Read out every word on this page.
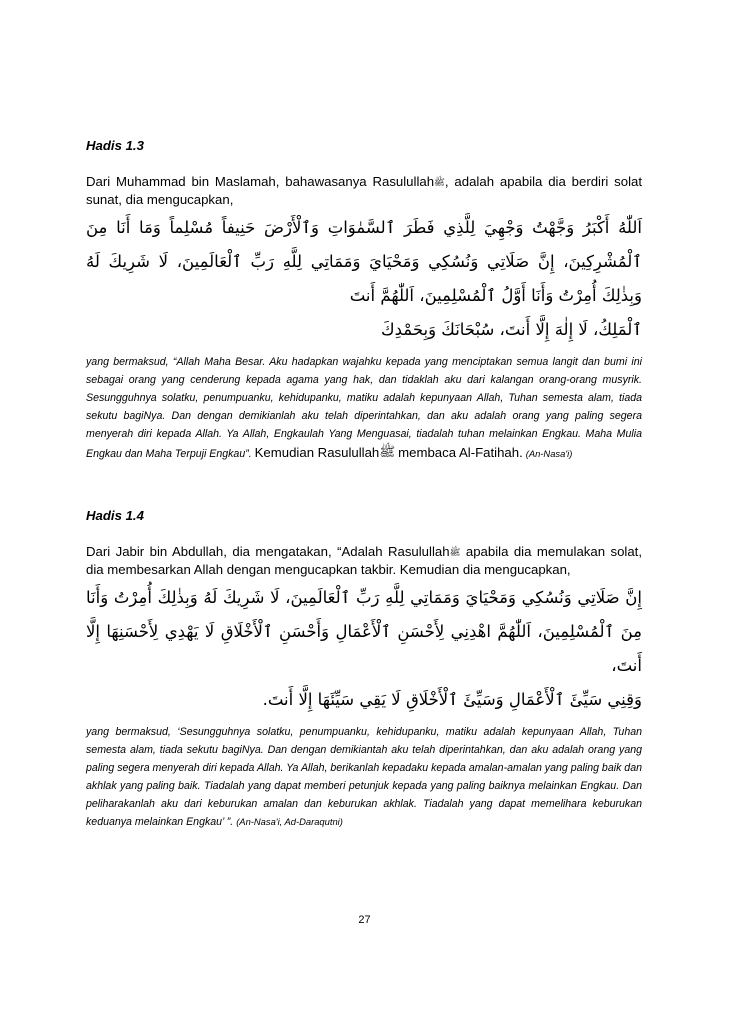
Hadis 1.3

Dari Muhammad bin Maslamah, bahawasanya Rasulullahﷺ, adalah apabila dia berdiri solat sunat, dia mengucapkan,

اَللّٰهُ أَكْبَرُ وَجَّهْتُ وَجْهِيَ لِلَّذِي فَطَرَ ٱلسَّمٰوَاتِ وَٱلْأَرْضَ حَنِيفاً مُسْلِماً وَمَا أَنَا مِنَ ٱلْمُشْرِكِينَ، إِنَّ صَلَاتِي وَنُسُكِي وَمَحْيَايَ وَمَمَاتِي لِلَّهِ رَبِّ ٱلْعَالَمِينَ، لَا شَرِيكَ لَهُ وَبِذٰلِكَ أُمِرْتُ وَأَنَا أَوَّلُ ٱلْمُسْلِمِينَ، اَللّٰهُمَّ أَنتَ
ٱلْمَلِكُ، لَا إِلٰهَ إِلَّا أَنتَ، سُبْحَانَكَ وَبِحَمْدِكَ

yang bermaksud, “Allah Maha Besar. Aku hadapkan wajahku kepada yang menciptakan semua langit dan bumi ini sebagai orang yang cenderung kepada agama yang hak, dan tidaklah aku dari kalangan orang-orang musyrik. Sesungguhnya solatku, penumpuanku, kehidupanku, matiku adalah kepunyaan Allah, Tuhan semesta alam, tiada sekutu bagiNya. Dan dengan demikianlah aku telah diperintahkan, dan aku adalah orang yang paling segera menyerah diri kepada Allah. Ya Allah, Engkaulah Yang Menguasai, tiadalah tuhan melainkan Engkau. Maha Mulia Engkau dan Maha Terpuji Engkau”. Kemudian Rasulullahﷺ membaca Al-Fatihah. (An-Nasa'i)

Hadis 1.4

Dari Jabir bin Abdullah, dia mengatakan, “Adalah Rasulullahﷺ apabila dia memulakan solat, dia membesarkan Allah dengan mengucapkan takbir. Kemudian dia mengucapkan,

إِنَّ صَلَاتِي وَنُسُكِي وَمَحْيَايَ وَمَمَاتِي لِلَّهِ رَبِّ ٱلْعَالَمِينَ، لَا شَرِيكَ لَهُ وَبِذٰلِكَ أُمِرْتُ وَأَنَا مِنَ ٱلْمُسْلِمِينَ، اَللّٰهُمَّ اهْدِنِي لِأَحْسَنِ ٱلْأَعْمَالِ وَأَحْسَنِ ٱلْأَخْلَاقِ لَا يَهْدِي لِأَحْسَنِهَا إِلَّا أَنتَ،
وَقِنِي سَيِّئَ ٱلْأَعْمَالِ وَسَيِّئَ ٱلْأَخْلَاقِ لَا يَقِي سَيِّئَهَا إِلَّا أَنتَ.

yang bermaksud, ‘Sesungguhnya solatku, penumpuanku, kehidupanku, matiku adalah kepunyaan Allah, Tuhan semesta alam, tiada sekutu bagiNya. Dan dengan demikiantah aku telah diperintahkan, dan aku adalah orang yang paling segera menyerah diri kepada Allah. Ya Allah, berikanlah kepadaku kepada amalan-amalan yang paling baik dan akhlak yang paling baik. Tiadalah yang dapat memberi petunjuk kepada yang paling baiknya melainkan Engkau. Dan peliharakanlah aku dari keburukan amalan dan keburukan akhlak. Tiadalah yang dapat memelihara keburukan keduanya melainkan Engkau’ ”. (An-Nasa'i, Ad-Daraqutni)

27
